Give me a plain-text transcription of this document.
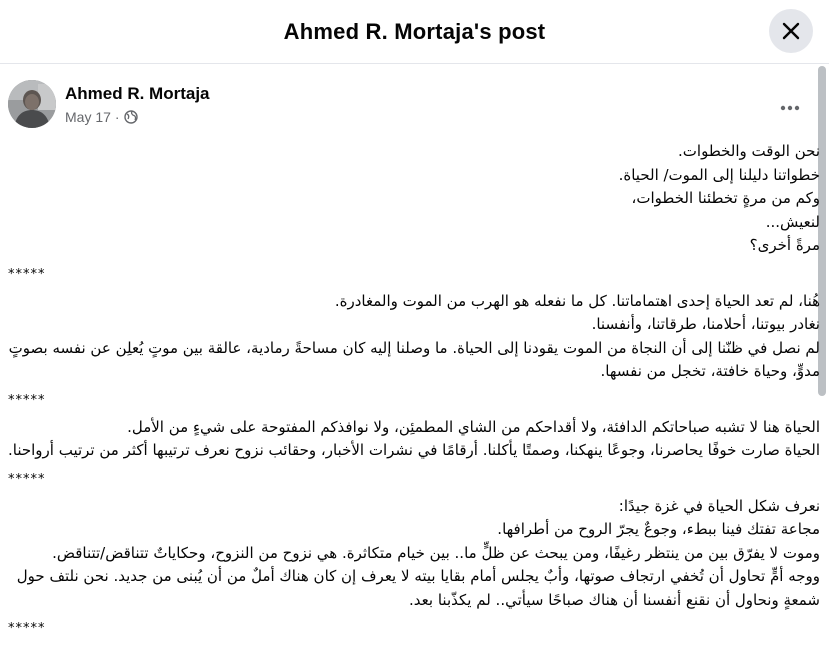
Ahmed R. Mortaja's post
Ahmed R. Mortaja
May 17 ·
نحن الوقت والخطوات.
خطواتنا دليلنا إلى الموت/ الحياة.
وكم من مرةٍ تخطئنا الخطوات،
لنعيش...
مرةً أخرى؟
*****
هُنا، لم تعد الحياة إحدى اهتماماتنا. كل ما نفعله هو الهرب من الموت والمغادرة.
نغادر بيوتنا، أحلامنا، طرقاتنا، وأنفسنا.
لم نصل في ظنّنا إلى أن النجاة من الموت يقودنا إلى الحياة. ما وصلنا إليه كان مساحةً رمادية، عالقة بين موتٍ يُعلِن عن نفسه بصوتٍ مدوٍّ، وحياة خافتة، تخجل من نفسها.
*****
الحياة هنا لا تشبه صباحاتكم الدافئة، ولا أقداحكم من الشاي المطمئِن، ولا نوافذكم المفتوحة على شيءٍ من الأمل.
الحياة صارت خوفًا يحاصرنا، وجوعًا ينهكنا، وصمتًا يأكلنا. أرقامًا في نشرات الأخبار، وحقائب نزوح نعرف ترتيبها أكثر من ترتيب أرواحنا.
*****
نعرف شكل الحياة في غزة جيدًا:
مجاعة تفتك فينا ببطء، وجوعٌ يجرّ الروح من أطرافها.
وموت لا يفرّق بين من ينتظر رغيفًا، ومن يبحث عن ظلٍّ ما.. بين خيام متكاثرة. هي نزوح من النزوح، وحكاياتٌ تتناقض/تتناقض.
ووجه أمٍّ تحاول أن تُخفي ارتجاف صوتها، وأبٌ يجلس أمام بقايا بيته لا يعرف إن كان هناك أملٌ من أن يُبنى من جديد. نحن نلتف حول شمعةٍ ونحاول أن نقنع أنفسنا أن هناك صباحًا سيأتي.. لم يكذّبنا بعد.
*****
